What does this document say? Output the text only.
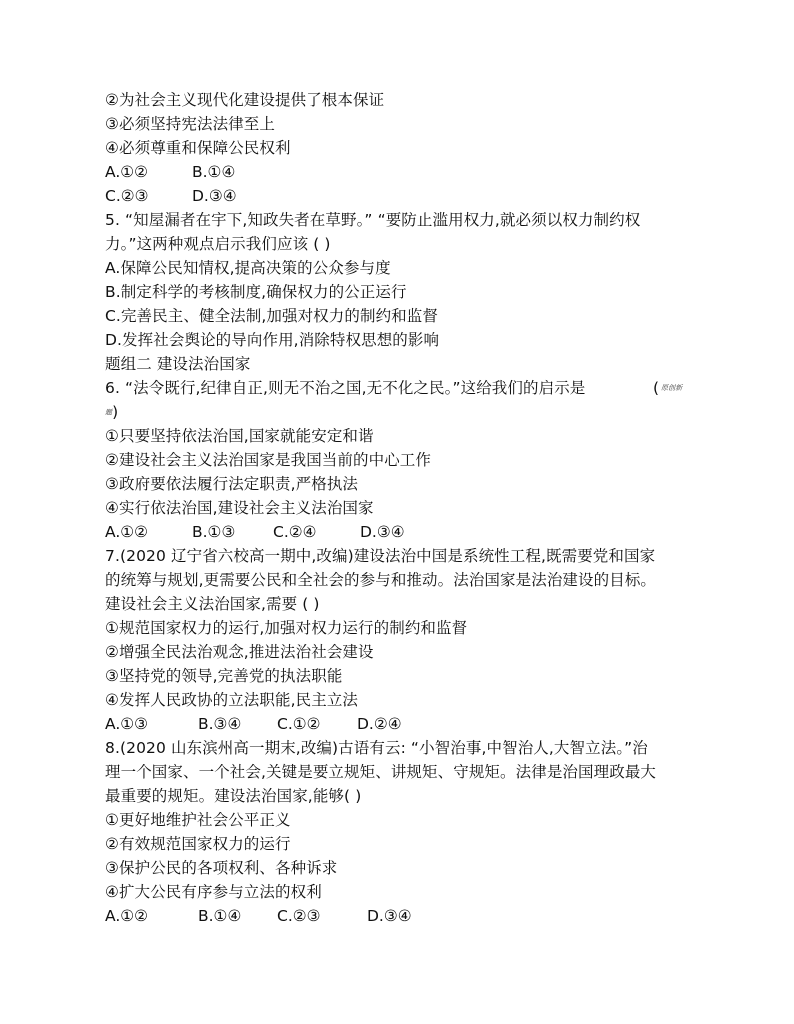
②为社会主义现代化建设提供了根本保证
③必须坚持宪法法律至上
④必须尊重和保障公民权利
A.①②	B.①④
C.②③	D.③④
5. “知屋漏者在宇下,知政失者在草野。” “要防止滥用权力,就必须以权力制约权
力。”这两种观点启示我们应该 ( )
A.保障公民知情权,提高决策的公众参与度
B.制定科学的考核制度,确保权力的公正运行
C.完善民主、健全法制,加强对权力的制约和监督
D.发挥社会舆论的导向作用,消除特权思想的影响
题组二 建设法治国家
6. “法令既行,纪律自正,则无不治之国,无不化之民。”这给我们的启示是	( 原创新
题)
①只要坚持依法治国,国家就能安定和谐
②建设社会主义法治国家是我国当前的中心工作
③政府要依法履行法定职责,严格执法
④实行依法治国,建设社会主义法治国家
A.①②	B.①③ C.②④	D.③④
7.(2020 辽宁省六校高一期中,改编)建设法治中国是系统性工程,既需要党和国家
的统筹与规划,更需要公民和全社会的参与和推动。法治国家是法治建设的目标。
建设社会主义法治国家,需要 ( )
①规范国家权力的运行,加强对权力运行的制约和监督
②增强全民法治观念,推进法治社会建设
③坚持党的领导,完善党的执法职能
④发挥人民政协的立法职能,民主立法
A.①③	B.③④ C.①② D.②④
8.(2020 山东滨州高一期末,改编)古语有云: “小智治事,中智治人,大智立法。”治
理一个国家、一个社会,关键是要立规矩、讲规矩、守规矩。法律是治国理政最大
最重要的规矩。建设法治国家,能够( )
①更好地维护社会公平正义
②有效规范国家权力的运行
③保护公民的各项权利、各种诉求
④扩大公民有序参与立法的权利
A.①②	B.①④ C.②③	D.③④
